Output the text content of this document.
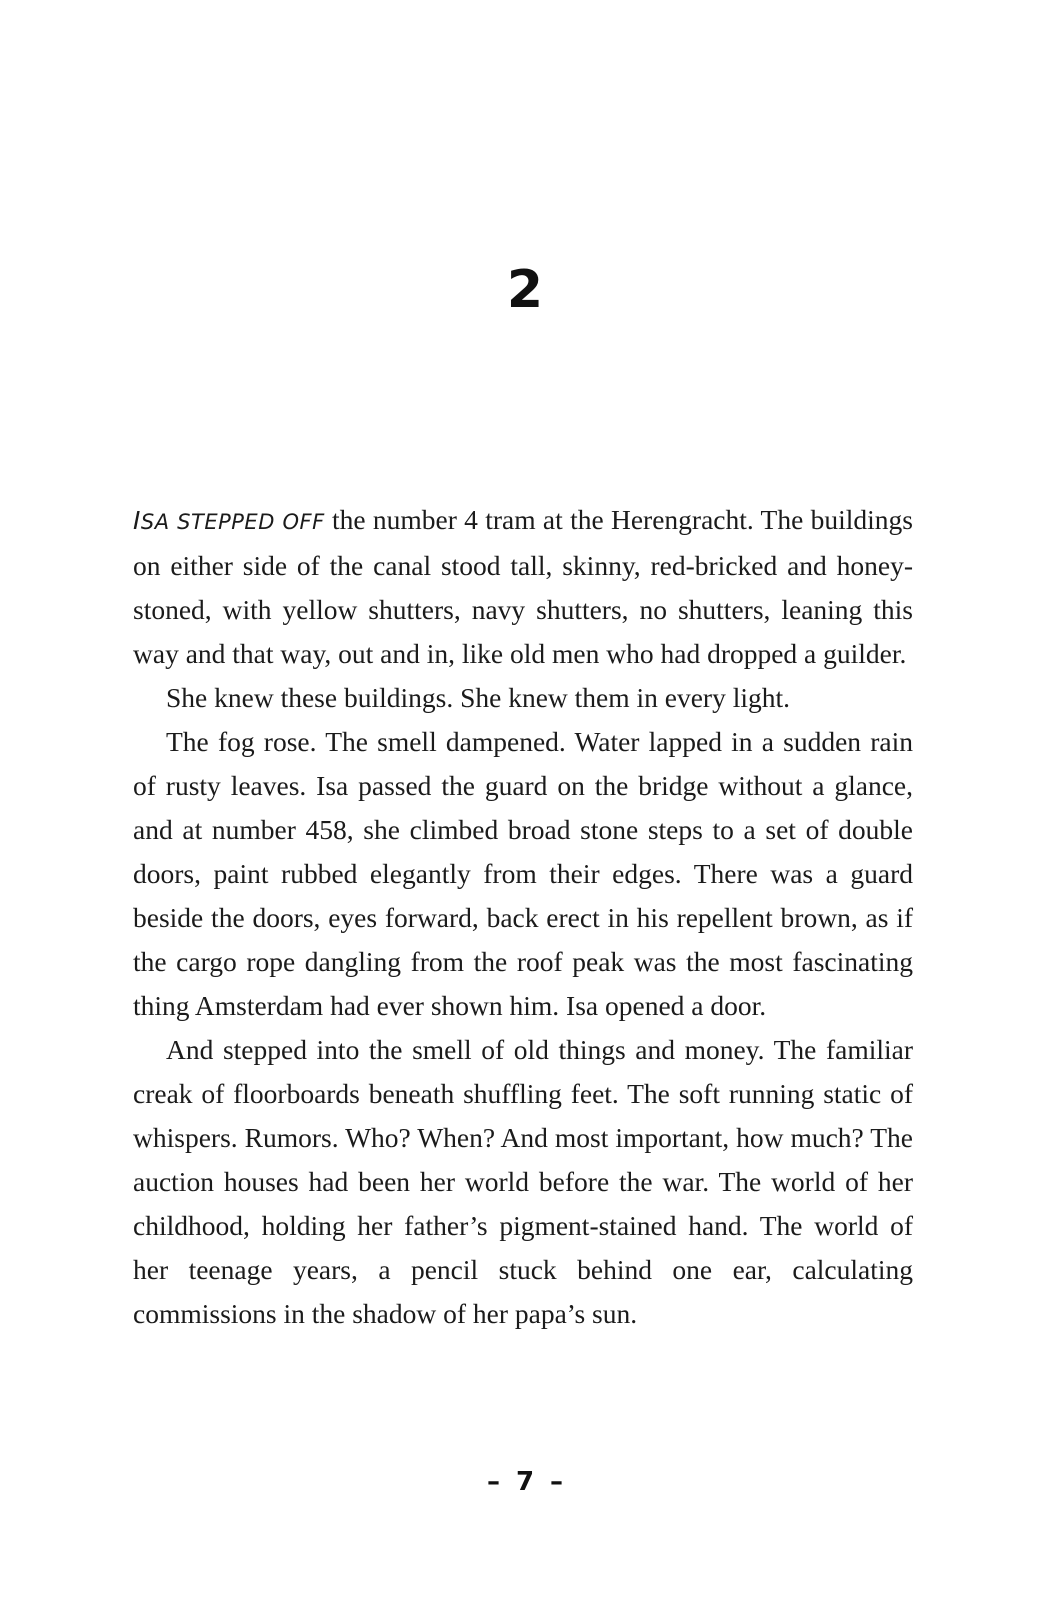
2

ISA STEPPED OFF the number 4 tram at the Herengracht. The buildings on either side of the canal stood tall, skinny, red-bricked and honey-stoned, with yellow shutters, navy shutters, no shutters, leaning this way and that way, out and in, like old men who had dropped a guilder.

She knew these buildings. She knew them in every light.

The fog rose. The smell dampened. Water lapped in a sudden rain of rusty leaves. Isa passed the guard on the bridge without a glance, and at number 458, she climbed broad stone steps to a set of double doors, paint rubbed elegantly from their edges. There was a guard beside the doors, eyes forward, back erect in his repellent brown, as if the cargo rope dangling from the roof peak was the most fascinating thing Amsterdam had ever shown him. Isa opened a door.

And stepped into the smell of old things and money. The familiar creak of floorboards beneath shuffling feet. The soft running static of whispers. Rumors. Who? When? And most important, how much? The auction houses had been her world before the war. The world of her childhood, holding her father’s pigment-stained hand. The world of her teenage years, a pencil stuck behind one ear, calculating commissions in the shadow of her papa’s sun.

– 7 –
